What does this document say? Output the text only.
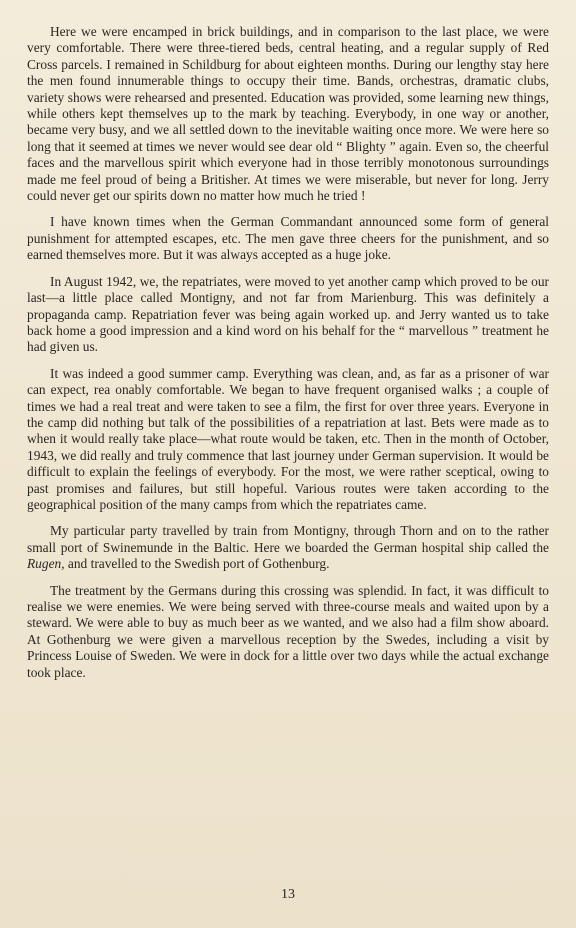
Here we were encamped in brick buildings, and in comparison to the last place, we were very comfortable. There were three-tiered beds, central heating, and a regular supply of Red Cross parcels. I remained in Schildburg for about eighteen months. During our lengthy stay here the men found innumerable things to occupy their time. Bands, orchestras, dramatic clubs, variety shows were rehearsed and presented. Education was provided, some learning new things, while others kept themselves up to the mark by teaching. Everybody, in one way or another, became very busy, and we all settled down to the inevitable waiting once more. We were here so long that it seemed at times we never would see dear old “ Blighty ” again. Even so, the cheerful faces and the marvellous spirit which everyone had in those terribly monotonous surroundings made me feel proud of being a Britisher. At times we were miserable, but never for long. Jerry could never get our spirits down no matter how much he tried !

I have known times when the German Commandant announced some form of general punishment for attempted escapes, etc. The men gave three cheers for the punishment, and so earned themselves more. But it was always accepted as a huge joke.

In August 1942, we, the repatriates, were moved to yet another camp which proved to be our last—a little place called Montigny, and not far from Marienburg. This was definitely a propaganda camp. Repatriation fever was being again worked up. and Jerry wanted us to take back home a good impression and a kind word on his behalf for the “ marvellous ” treatment he had given us.

It was indeed a good summer camp. Everything was clean, and, as far as a prisoner of war can expect, rea onably comfortable. We began to have frequent organised walks ; a couple of times we had a real treat and were taken to see a film, the first for over three years. Everyone in the camp did nothing but talk of the possibilities of a repatriation at last. Bets were made as to when it would really take place—what route would be taken, etc. Then in the month of October, 1943, we did really and truly commence that last journey under German supervision. It would be difficult to explain the feelings of everybody. For the most, we were rather sceptical, owing to past promises and failures, but still hopeful. Various routes were taken according to the geographical position of the many camps from which the repatriates came.

My particular party travelled by train from Montigny, through Thorn and on to the rather small port of Swinemunde in the Baltic. Here we boarded the German hospital ship called the Rugen, and travelled to the Swedish port of Gothenburg.

The treatment by the Germans during this crossing was splendid. In fact, it was difficult to realise we were enemies. We were being served with three-course meals and waited upon by a steward. We were able to buy as much beer as we wanted, and we also had a film show aboard. At Gothenburg we were given a marvellous reception by the Swedes, including a visit by Princess Louise of Sweden. We were in dock for a little over two days while the actual exchange took place.

13
